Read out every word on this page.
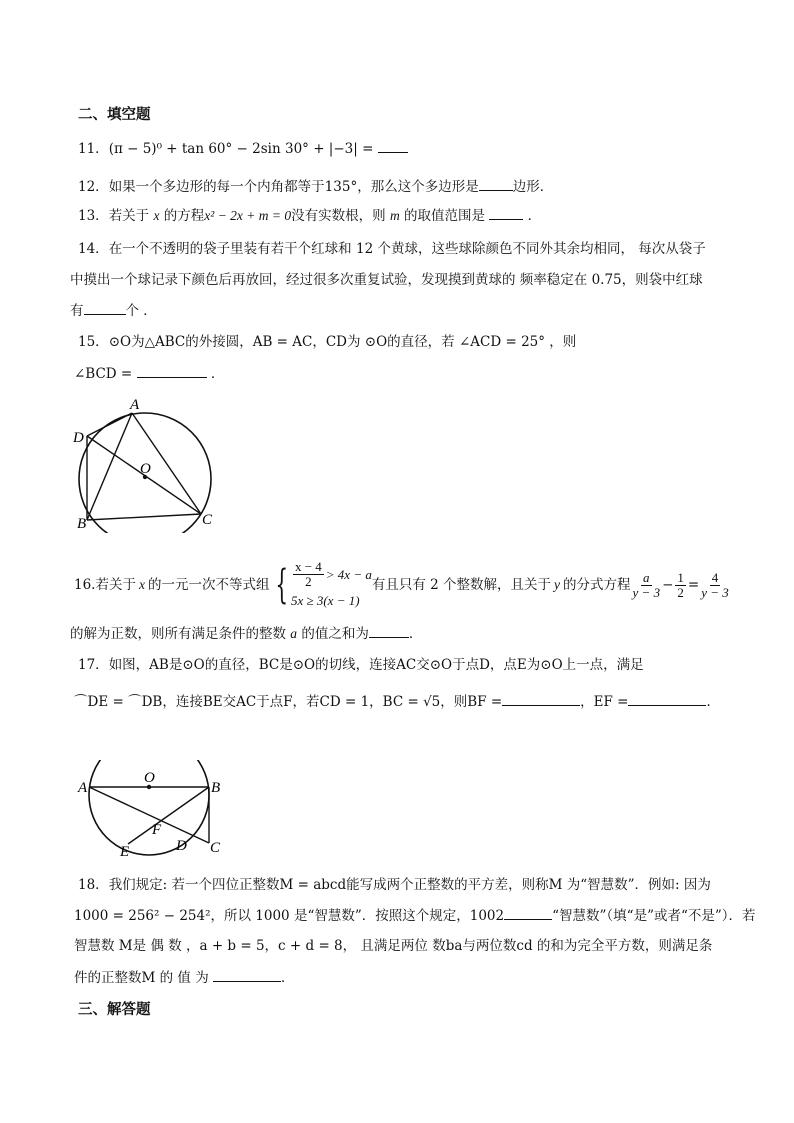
二、填空题
11．(π − 5)⁰ + tan 60° − 2sin 30° + |−3| =
12．如果一个多边形的每一个内角都等于135°，那么这个多边形是	边形．
13．若关于 x 的方程x² − 2x + m = 0没有实数根，则 m 的取值范围是	．
14．在一个不透明的袋子里装有若干个红球和 12 个黄球，这些球除颜色不同外其余均相同， 每次从袋子
中摸出一个球记录下颜色后再放回，经过很多次重复试验，发现摸到黄球的 频率稳定在 0.75，则袋中红球
有	个 ．
15．⊙O为△ABC的外接圆，AB = AC，CD为 ⊙O的直径，若 ∠ACD = 25° ，则
∠BCD =	．
A
D
O
B	C
16. 若关于 x 的一元一次不等式组 { $\frac{x - 4}{2} > 4x - a$
5x ≥ 3(x − 1)
有且只有 2 个整数解，且关于 y 的分式方程 $\frac{a}{y - 3} - \frac{1}{2} = \frac{4}{y - 3}$
的解为正数，则所有满足条件的整数 a 的值之和为	．
17．如图，AB是⊙O的直径，BC是⊙O的切线，连接AC交⊙O于点D，点E为⊙O上一点，满足
⌒DE = ⌒DB，连接BE交AC于点F，若CD = 1，BC = √5，则BF =	，EF =	．
A
O
B
F
D C
E
18．我们规定: 若一个四位正整数M = abcd能写成两个正整数的平方差，则称M 为“智慧数”．例如: 因为
1000 = 256² − 254²，所以 1000 是“智慧数”．按照这个规定，1002	“智慧数”（填“是”或者“不是”）．若
智慧数 M是 偶 数 ，a + b = 5，c + d = 8， 且满足两位 数ba与两位数cd 的和为完全平方数，则满足条
件的正整数M 的 值 为	．
三、解答题
